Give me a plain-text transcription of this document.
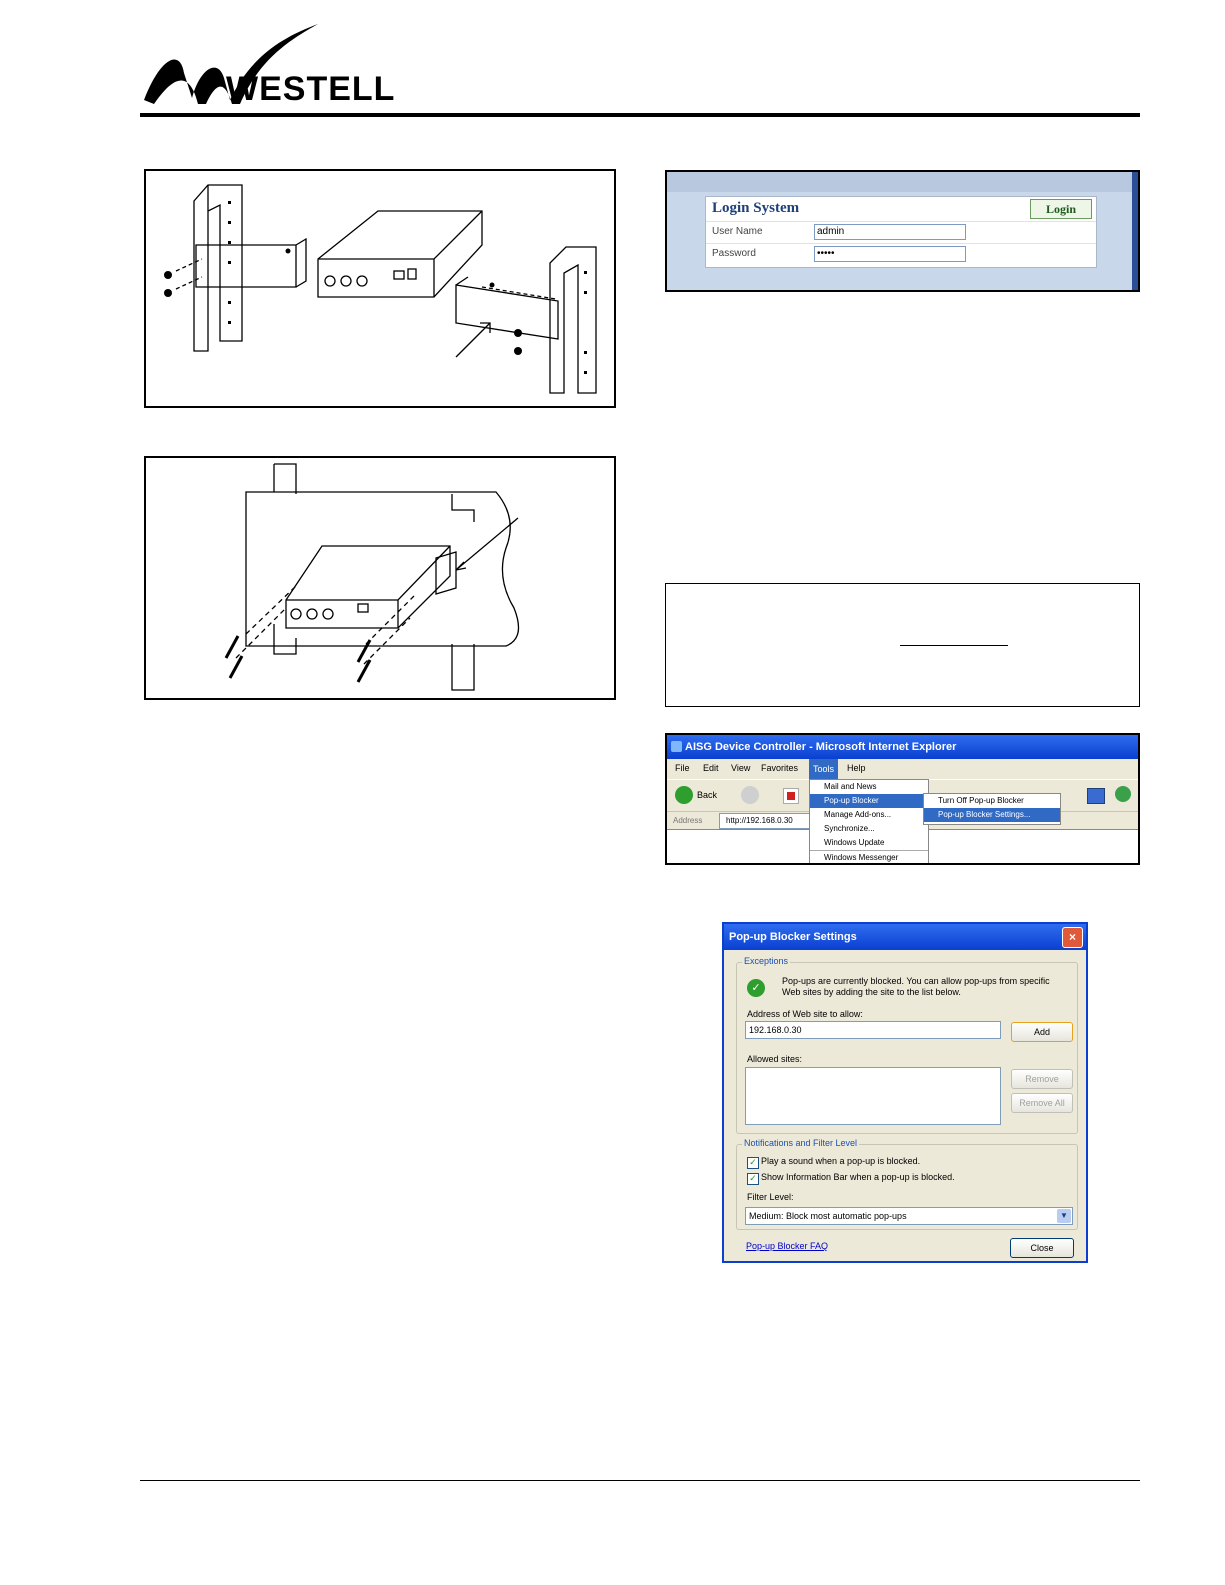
WESTELL
Login System	Login
User Name	admin
Password	•••••
AISG Device Controller - Microsoft Internet Explorer
File Edit View Favorites	Tools	Help
Back
Address	http://192.168.0.30
Mail and News
Pop-up Blocker
Manage Add-ons...
Synchronize...
Windows Update
Windows Messenger
Turn Off Pop-up Blocker
Pop-up Blocker Settings...
Pop-up Blocker Settings	×
Exceptions
✓
Pop-ups are currently blocked. You can allow pop-ups from specific
Web sites by adding the site to the list below.
Address of Web site to allow:
192.168.0.30	Add
Allowed sites:
Remove
Remove All
Notifications and Filter Level
✓ Play a sound when a pop-up is blocked.
✓ Show Information Bar when a pop-up is blocked.
Filter Level:
Medium: Block most automatic pop-ups	▼
Pop-up Blocker FAQ	Close
